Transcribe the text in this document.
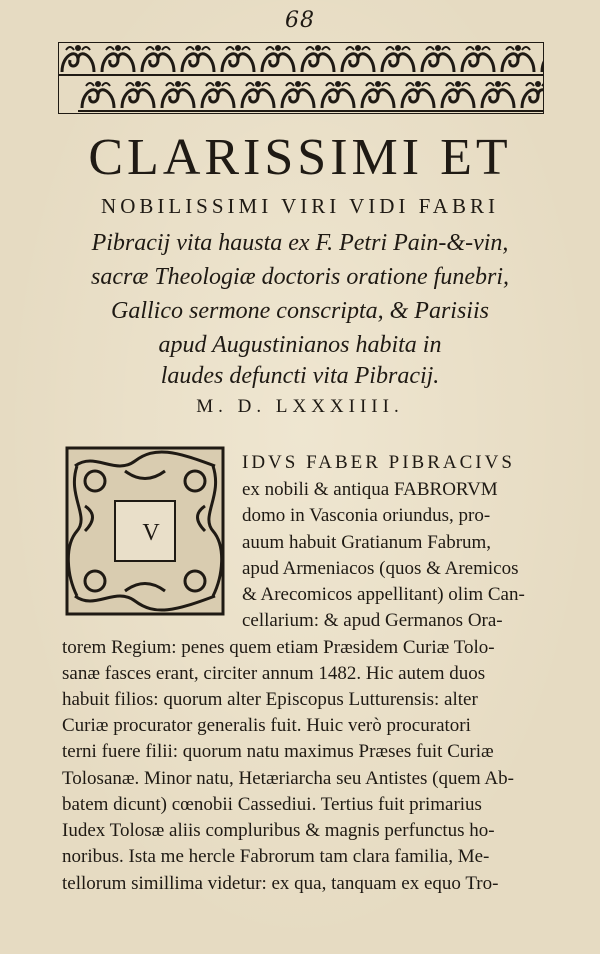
68
CLARISSIMI ET
NOBILISSIMI VIRI VIDI FABRI
Pibracij vita hausta ex F. Petri Pain-&-vin,
sacræ Theologiæ doctoris oratione funebri,
Gallico sermone conscripta, & Parisiis
apud Augustinianos habita in
laudes defuncti vita Pibracij.
M. D. LXXXIIII.
V
IDVS FABER PIBRACIVS
ex nobili & antiqua FABRORVM
domo in Vasconia oriundus, pro-
auum habuit Gratianum Fabrum,
apud Armeniacos (quos & Aremicos
& Arecomicos appellitant) olim Can-
cellarium: & apud Germanos Ora-
torem Regium: penes quem etiam Præsidem Curiæ Tolo-
sanæ fasces erant, circiter annum 1482. Hic autem duos
habuit filios: quorum alter Episcopus Lutturensis: alter
Curiæ procurator generalis fuit. Huic verò procuratori
terni fuere filii: quorum natu maximus Præses fuit Curiæ
Tolosanæ. Minor natu, Hetæriarcha seu Antistes (quem Ab-
batem dicunt) cœnobii Cassediui. Tertius fuit primarius
Iudex Tolosæ aliis compluribus & magnis perfunctus ho-
noribus. Ista me hercle Fabrorum tam clara familia, Me-
tellorum simillima videtur: ex qua, tanquam ex equo Tro-
